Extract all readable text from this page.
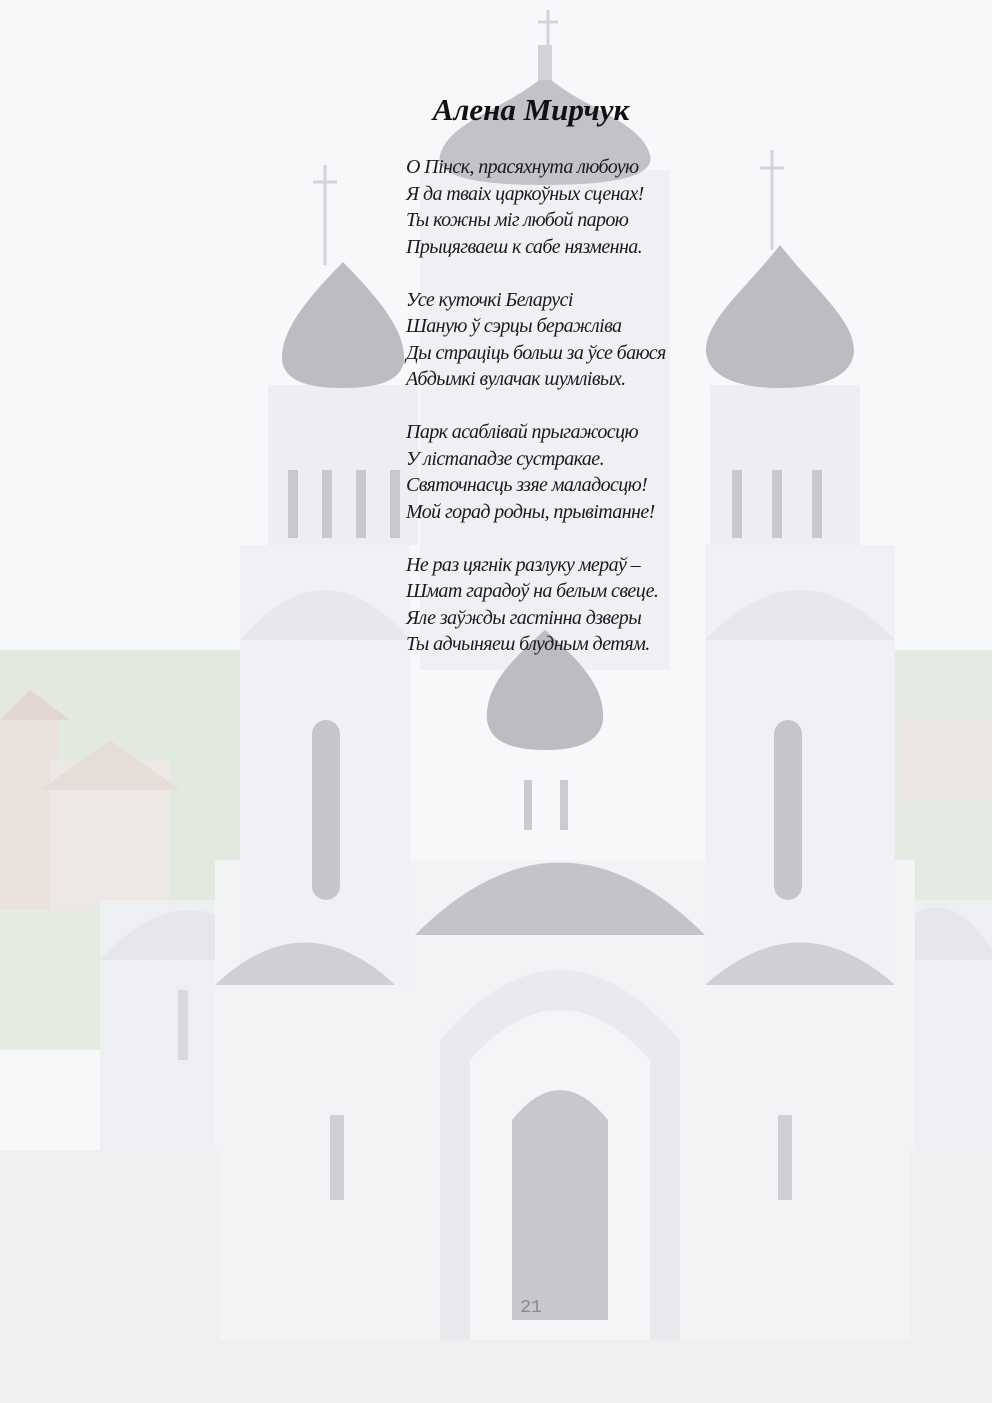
Алена Мирчук
О Пінск, прасяхнута любоую
Я да тваіх царкоўных сценах!
Ты кожны міг любой парою
Прыцягваеш к сабе нязменна.
Усе куточкі Беларусі
Шаную ў сэрцы беражліва
Ды страціць больш за ўсе баюся
Абдымкі вулачак шумлівых.
Парк асаблівай прыгажосцю
У лістападзе сустракае.
Святочнасць ззяе маладосцю!
Мой горад родны, прывітанне!
Не раз цягнік разлуку мераў –
Шмат гарадоў на белым свеце.
Яле заўжды гастінна дзверы
Ты адчыняеш блудным детям.
21
